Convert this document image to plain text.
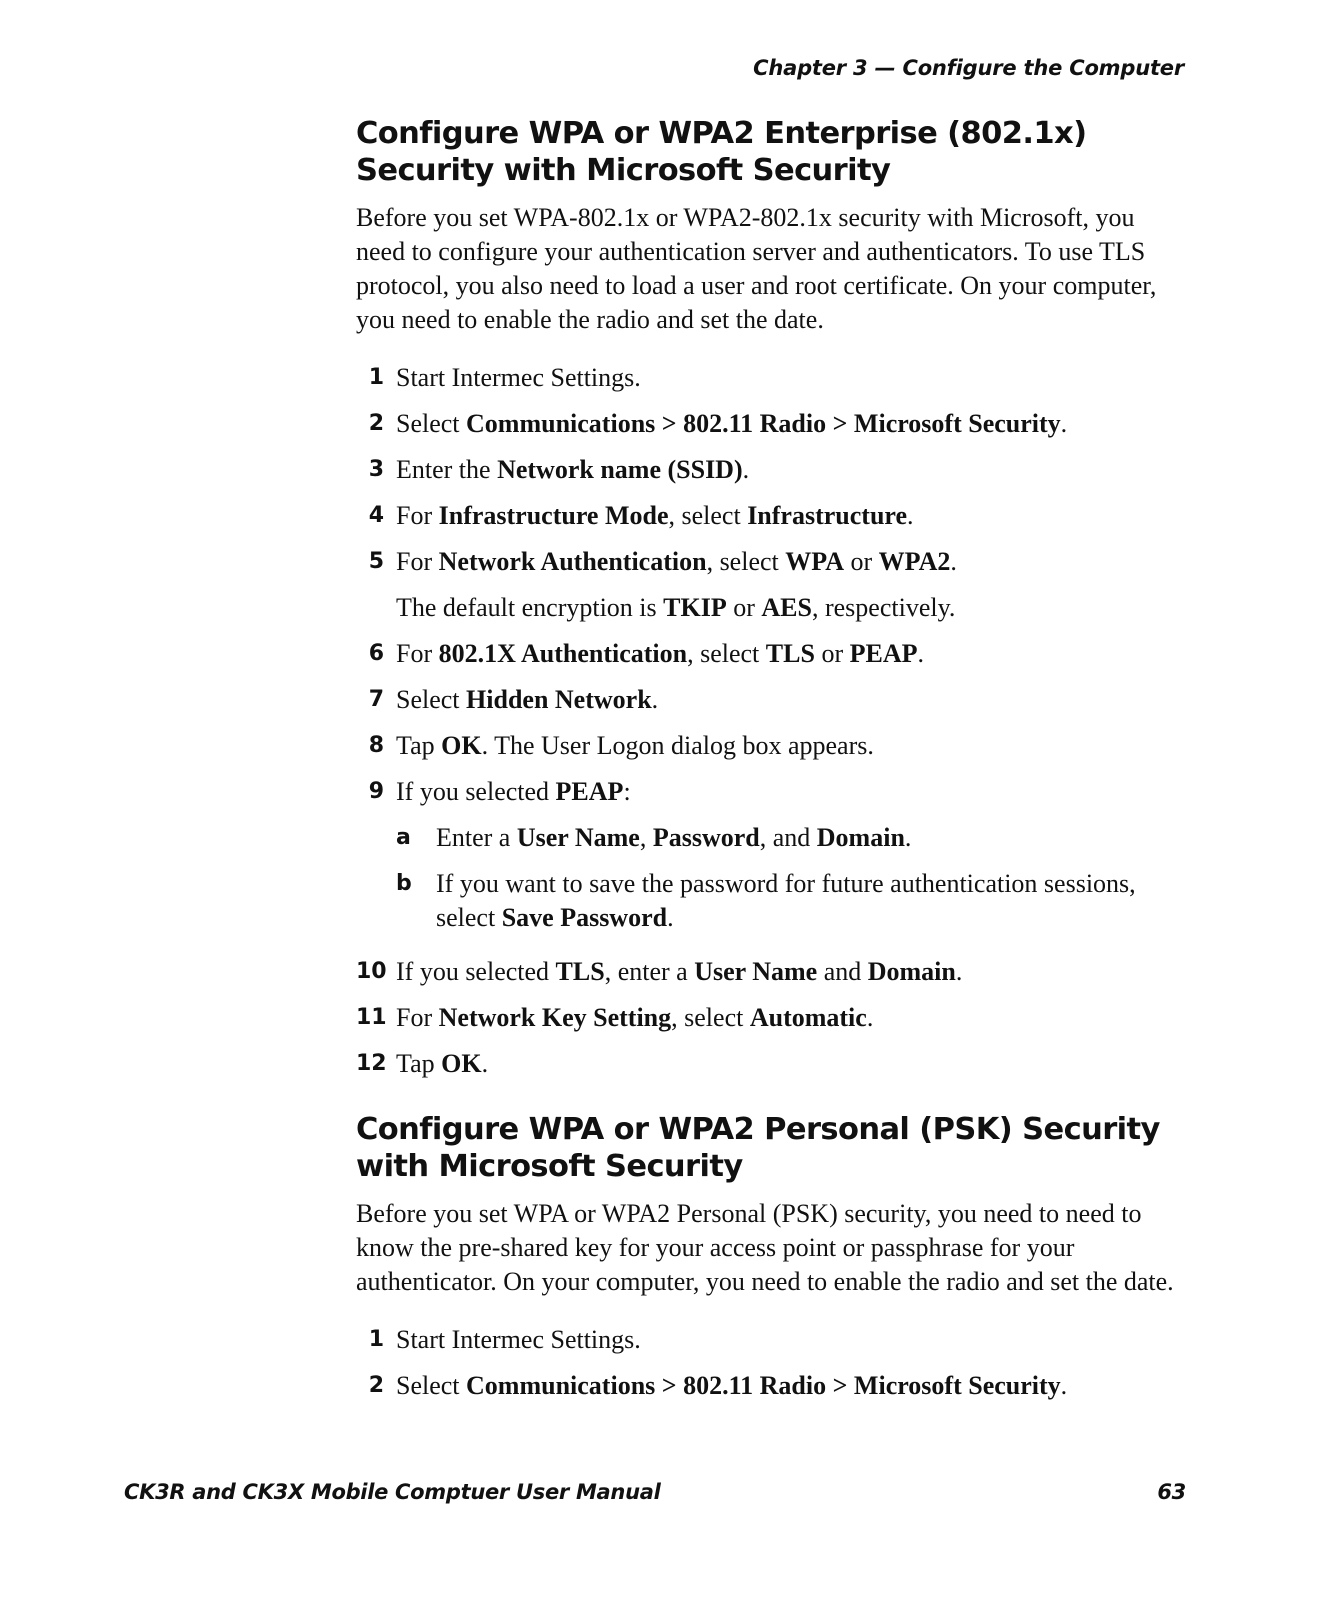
Chapter 3 — Configure the Computer
Configure WPA or WPA2 Enterprise (802.1x) Security with Microsoft Security

Before you set WPA-802.1x or WPA2-802.1x security with Microsoft, you need to configure your authentication server and authenticators. To use TLS protocol, you also need to load a user and root certificate. On your computer, you need to enable the radio and set the date.

1 Start Intermec Settings.
2 Select Communications > 802.11 Radio > Microsoft Security.
3 Enter the Network name (SSID).
4 For Infrastructure Mode, select Infrastructure.
5 For Network Authentication, select WPA or WPA2.
The default encryption is TKIP or AES, respectively.
6 For 802.1X Authentication, select TLS or PEAP.
7 Select Hidden Network.
8 Tap OK. The User Logon dialog box appears.
9 If you selected PEAP:
a Enter a User Name, Password, and Domain.
b If you want to save the password for future authentication sessions, select Save Password.
10 If you selected TLS, enter a User Name and Domain.
11 For Network Key Setting, select Automatic.
12 Tap OK.
Configure WPA or WPA2 Personal (PSK) Security with Microsoft Security

Before you set WPA or WPA2 Personal (PSK) security, you need to need to know the pre-shared key for your access point or passphrase for your authenticator. On your computer, you need to enable the radio and set the date.

1 Start Intermec Settings.
2 Select Communications > 802.11 Radio > Microsoft Security.
CK3R and CK3X Mobile Comptuer User Manual	63
